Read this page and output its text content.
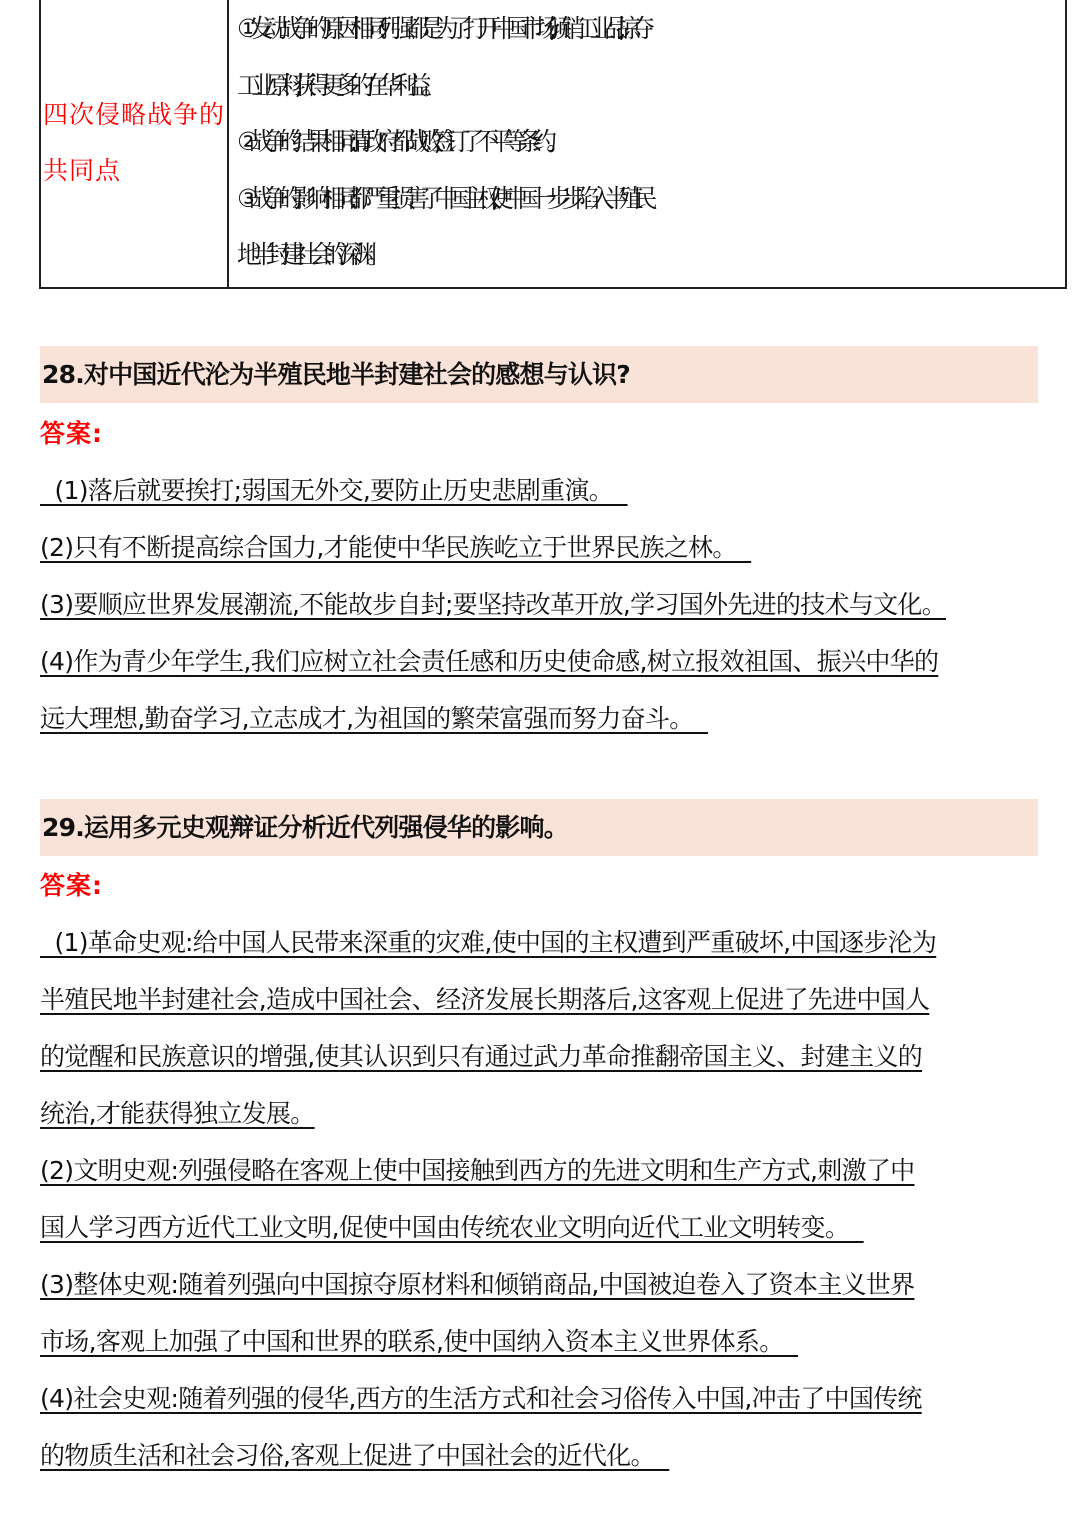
四次侵略战争的共同点	

①发动战争的原因相同:列强都是为了打开中国市场,倾销工业品,掠夺

工业原料,获得更多的在华利益。

②战争的结果相同:清政府都战败,签订了不平等条约。

③战争的影响相同:都严重损害了中国主权,使中国一步步陷入半殖民

地半封建社会的深渊。

28.对中国近代沦为半殖民地半封建社会的感想与认识?
答案:
(1)落后就要挨打;弱国无外交,要防止历史悲剧重演。
(2)只有不断提高综合国力,才能使中华民族屹立于世界民族之林。
(3)要顺应世界发展潮流,不能故步自封;要坚持改革开放,学习国外先进的技术与文化。
(4)作为青少年学生,我们应树立社会责任感和历史使命感,树立报效祖国、振兴中华的
远大理想,勤奋学习,立志成才,为祖国的繁荣富强而努力奋斗。
29.运用多元史观辩证分析近代列强侵华的影响。
答案:
(1)革命史观:给中国人民带来深重的灾难,使中国的主权遭到严重破坏,中国逐步沦为
半殖民地半封建社会,造成中国社会、经济发展长期落后,这客观上促进了先进中国人
的觉醒和民族意识的增强,使其认识到只有通过武力革命推翻帝国主义、封建主义的
统治,才能获得独立发展。
(2)文明史观:列强侵略在客观上使中国接触到西方的先进文明和生产方式,刺激了中
国人学习西方近代工业文明,促使中国由传统农业文明向近代工业文明转变。
(3)整体史观:随着列强向中国掠夺原材料和倾销商品,中国被迫卷入了资本主义世界
市场,客观上加强了中国和世界的联系,使中国纳入资本主义世界体系。
(4)社会史观:随着列强的侵华,西方的生活方式和社会习俗传入中国,冲击了中国传统
的物质生活和社会习俗,客观上促进了中国社会的近代化。
